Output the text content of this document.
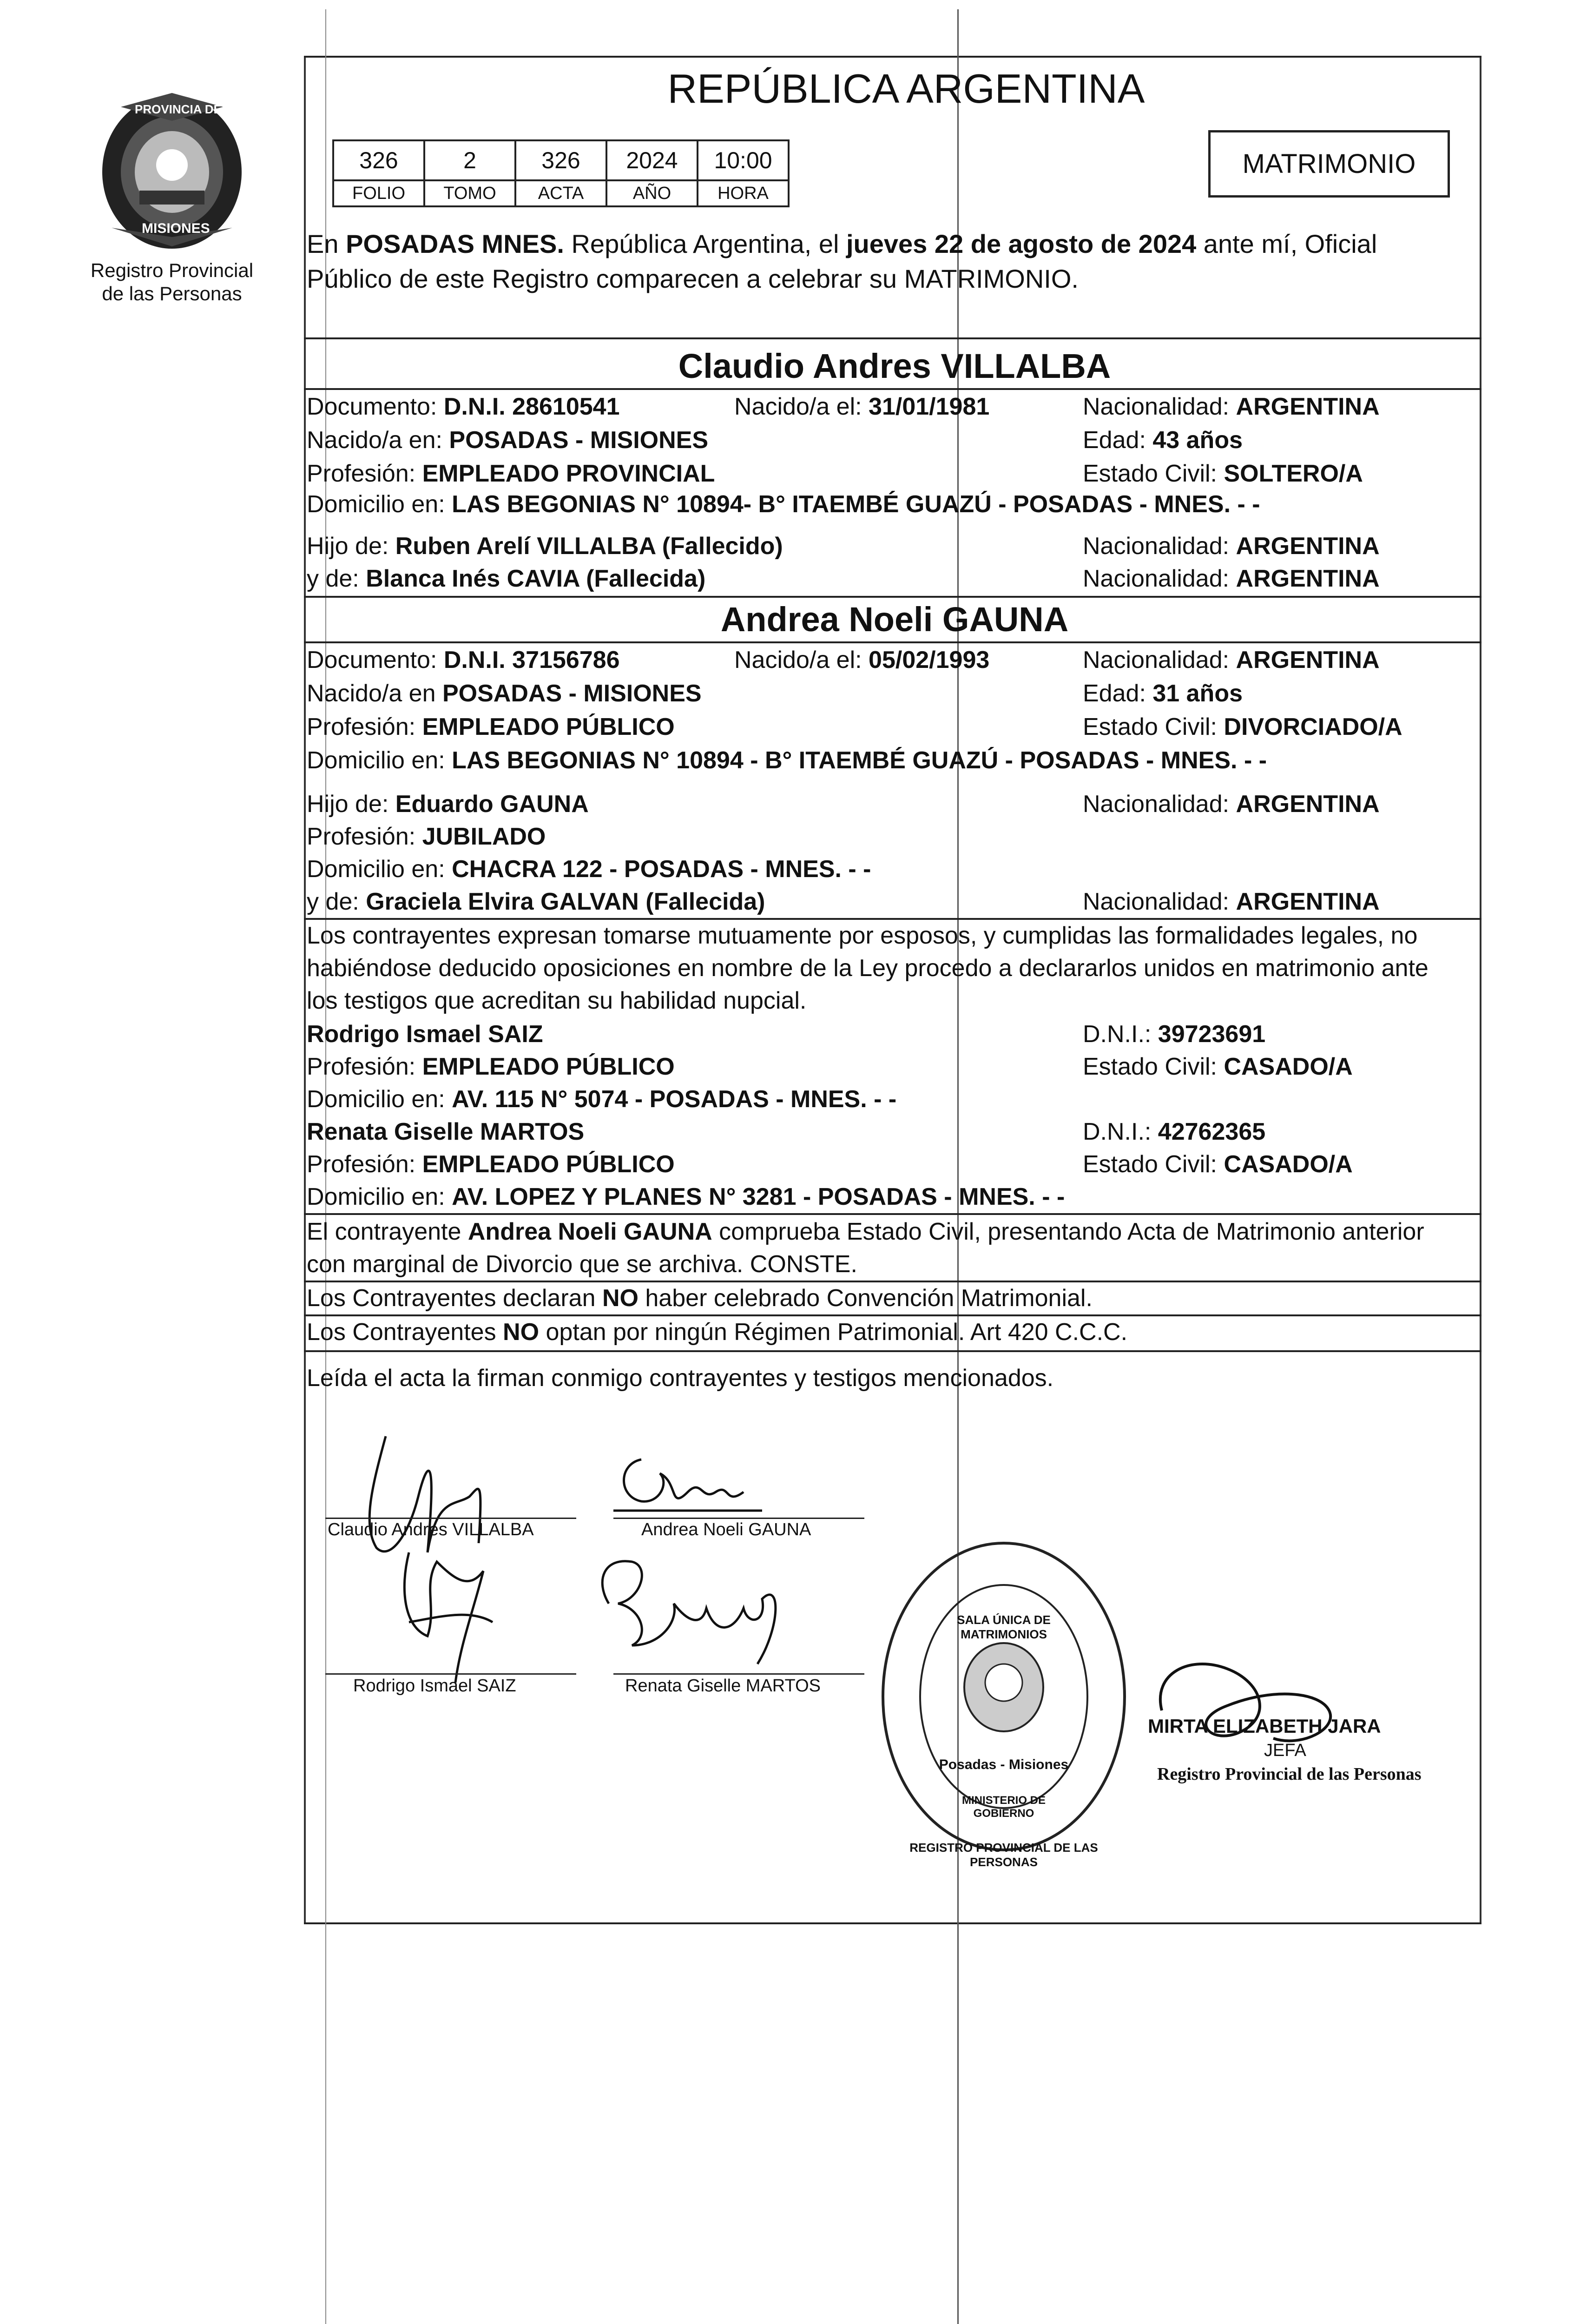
PROVINCIA DE
MISIONES
Registro Provincial
de las Personas
REPÚBLICA ARGENTINA
326	2	326	2024	10:00
FOLIO	TOMO	ACTA	AÑO	HORA
MATRIMONIO
En POSADAS MNES. República Argentina, el jueves 22 de agosto de 2024 ante mí, Oficial
Público de este Registro comparecen a celebrar su MATRIMONIO.
Claudio Andres VILLALBA
Documento: D.N.I. 28610541	Nacido/a el: 31/01/1981	Nacionalidad: ARGENTINA
Nacido/a en: POSADAS - MISIONES	Edad: 43 años
Profesión: EMPLEADO PROVINCIAL	Estado Civil: SOLTERO/A
Domicilio en: LAS BEGONIAS N° 10894- B° ITAEMBÉ GUAZÚ - POSADAS - MNES. - -
Hijo de: Ruben Arelí VILLALBA (Fallecido)	Nacionalidad: ARGENTINA
y de: Blanca Inés CAVIA (Fallecida)	Nacionalidad: ARGENTINA
Andrea Noeli GAUNA
Documento: D.N.I. 37156786	Nacido/a el: 05/02/1993	Nacionalidad: ARGENTINA
Nacido/a en POSADAS - MISIONES	Edad: 31 años
Profesión: EMPLEADO PÚBLICO	Estado Civil: DIVORCIADO/A
Domicilio en: LAS BEGONIAS N° 10894 - B° ITAEMBÉ GUAZÚ - POSADAS - MNES. - -
Hijo de: Eduardo GAUNA	Nacionalidad: ARGENTINA
Profesión: JUBILADO
Domicilio en: CHACRA 122 - POSADAS - MNES. - -
y de: Graciela Elvira GALVAN (Fallecida)	Nacionalidad: ARGENTINA
Los contrayentes expresan tomarse mutuamente por esposos, y cumplidas las formalidades legales, no
habiéndose deducido oposiciones en nombre de la Ley procedo a declararlos unidos en matrimonio ante
los testigos que acreditan su habilidad nupcial.
Rodrigo Ismael SAIZ	D.N.I.: 39723691
Profesión: EMPLEADO PÚBLICO	Estado Civil: CASADO/A
Domicilio en: AV. 115 N° 5074 - POSADAS - MNES. - -
Renata Giselle MARTOS	D.N.I.: 42762365
Profesión: EMPLEADO PÚBLICO	Estado Civil: CASADO/A
Domicilio en: AV. LOPEZ Y PLANES N° 3281 - POSADAS - MNES. - -
El contrayente Andrea Noeli GAUNA comprueba Estado Civil, presentando Acta de Matrimonio anterior
con marginal de Divorcio que se archiva. CONSTE.
Los Contrayentes declaran NO haber celebrado Convención Matrimonial.
Los Contrayentes NO optan por ningún Régimen Patrimonial. Art 420 C.C.C.
Leída el acta la firman conmigo contrayentes y testigos mencionados.
Claudio Andres VILLALBA	Andrea Noeli GAUNA
Rodrigo Ismael SAIZ	Renata Giselle MARTOS
REGISTRO PROVINCIAL DE LAS PERSONAS
SALA ÚNICA DE MATRIMONIOS
Posadas - Misiones
MINISTERIO DE GOBIERNO
MIRTA ELIZABETH JARA
JEFA
Registro Provincial de las Personas
